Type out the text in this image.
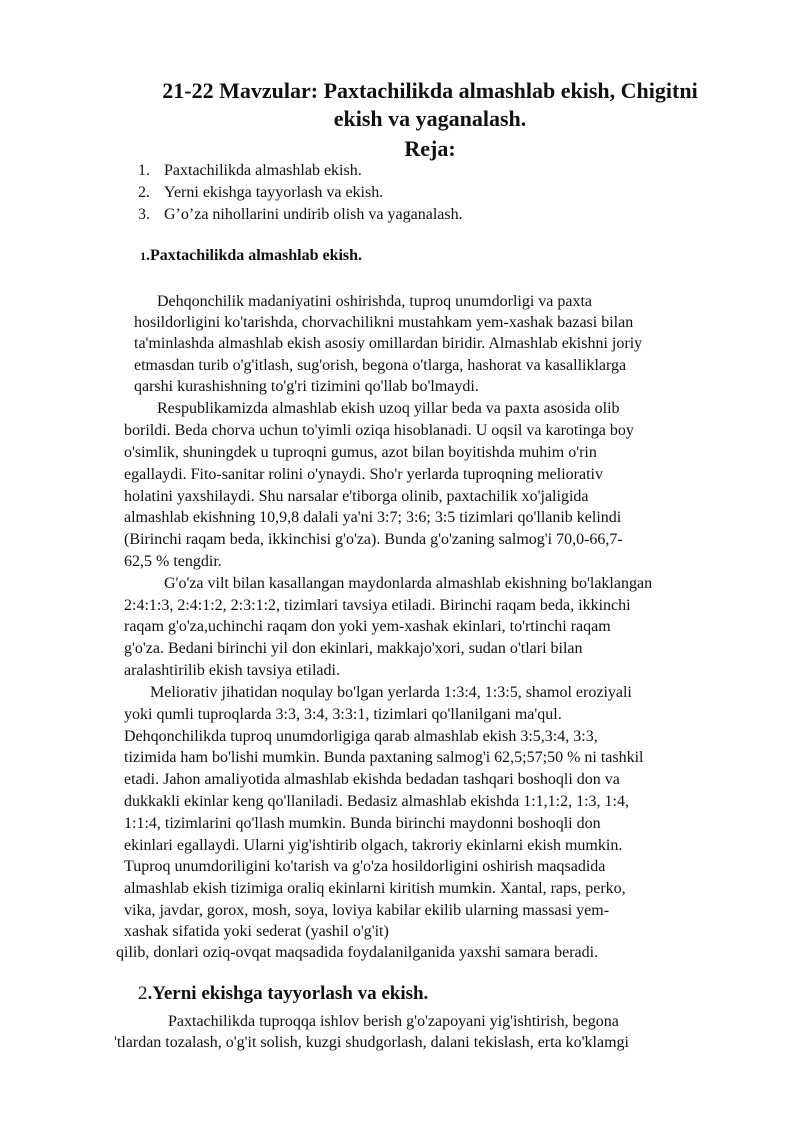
21-22 Mavzular: Paxtachilikda almashlab ekish, Chigitni
ekish va yaganalash.
Reja:
1. Paxtachilikda almashlab ekish.
2. Yerni ekishga tayyorlash va ekish.
3. G’o’za nihollarini undirib olish va yaganalash.
1.Paxtachilikda almashlab ekish.
Dehqonchilik madaniyatini oshirishda, tuproq unumdorligi va paxta
hosildorligini ko'tarishda, chorvachilikni mustahkam yem-xashak bazasi bilan
ta'minlashda almashlab ekish asosiy omillardan biridir. Almashlab ekishni joriy
etmasdan turib o'g'itlash, sug'orish, begona o'tlarga, hashorat va kasalliklarga
qarshi kurashishning to'g'ri tizimini qo'llab bo'lmaydi.
Respublikamizda almashlab ekish uzoq yillar beda va paxta asosida olib
borildi. Beda chorva uchun to'yimli oziqa hisoblanadi. U oqsil va karotinga boy
o'simlik, shuningdek u tuproqni gumus, azot bilan boyitishda muhim o'rin
egallaydi. Fito-sanitar rolini o'ynaydi. Sho'r yerlarda tuproqning meliorativ
holatini yaxshilaydi. Shu narsalar e'tiborga olinib, paxtachilik xo'jaligida
almashlab ekishning 10,9,8 dalali ya'ni 3:7; 3:6; 3:5 tizimlari qo'llanib kelindi
(Birinchi raqam beda, ikkinchisi g'o'za). Bunda g'o'zaning salmog'i 70,0-66,7-
62,5 % tengdir.
G'o'za vilt bilan kasallangan maydonlarda almashlab ekishning bo'laklangan
2:4:1:3, 2:4:1:2, 2:3:1:2, tizimlari tavsiya etiladi. Birinchi raqam beda, ikkinchi
raqam g'o'za,uchinchi raqam don yoki yem-xashak ekinlari, to'rtinchi raqam
g'o'za. Bedani birinchi yil don ekinlari, makkajo'xori, sudan o'tlari bilan
aralashtirilib ekish tavsiya etiladi.
Meliorativ jihatidan noqulay bo'lgan yerlarda 1:3:4, 1:3:5, shamol eroziyali
yoki qumli tuproqlarda 3:3, 3:4, 3:3:1, tizimlari qo'llanilgani ma'qul.
Dehqonchilikda tuproq unumdorligiga qarab almashlab ekish 3:5,3:4, 3:3,
tizimida ham bo'lishi mumkin. Bunda paxtaning salmog'i 62,5;57;50 % ni tashkil
etadi. Jahon amaliyotida almashlab ekishda bedadan tashqari boshoqli don va
dukkakli ekinlar keng qo'llaniladi. Bedasiz almashlab ekishda 1:1,1:2, 1:3, 1:4,
1:1:4, tizimlarini qo'llash mumkin. Bunda birinchi maydonni boshoqli don
ekinlari egallaydi. Ularni yig'ishtirib olgach, takroriy ekinlarni ekish mumkin.
Tuproq unumdoriligini ko'tarish va g'o'za hosildorligini oshirish maqsadida
almashlab ekish tizimiga oraliq ekinlarni kiritish mumkin. Xantal, raps, perko,
vika, javdar, gorox, mosh, soya, loviya kabilar ekilib ularning massasi yem-
xashak sifatida yoki sederat (yashil o'g'it)
qilib, donlari oziq-ovqat maqsadida foydalanilganida yaxshi samara beradi.
2.Yerni ekishga tayyorlash va ekish.
Paxtachilikda tuproqqa ishlov berish g'o'zapoyani yig'ishtirish, begona
'tlardan tozalash, o'g'it solish, kuzgi shudgorlash, dalani tekislash, erta ko'klamgi
